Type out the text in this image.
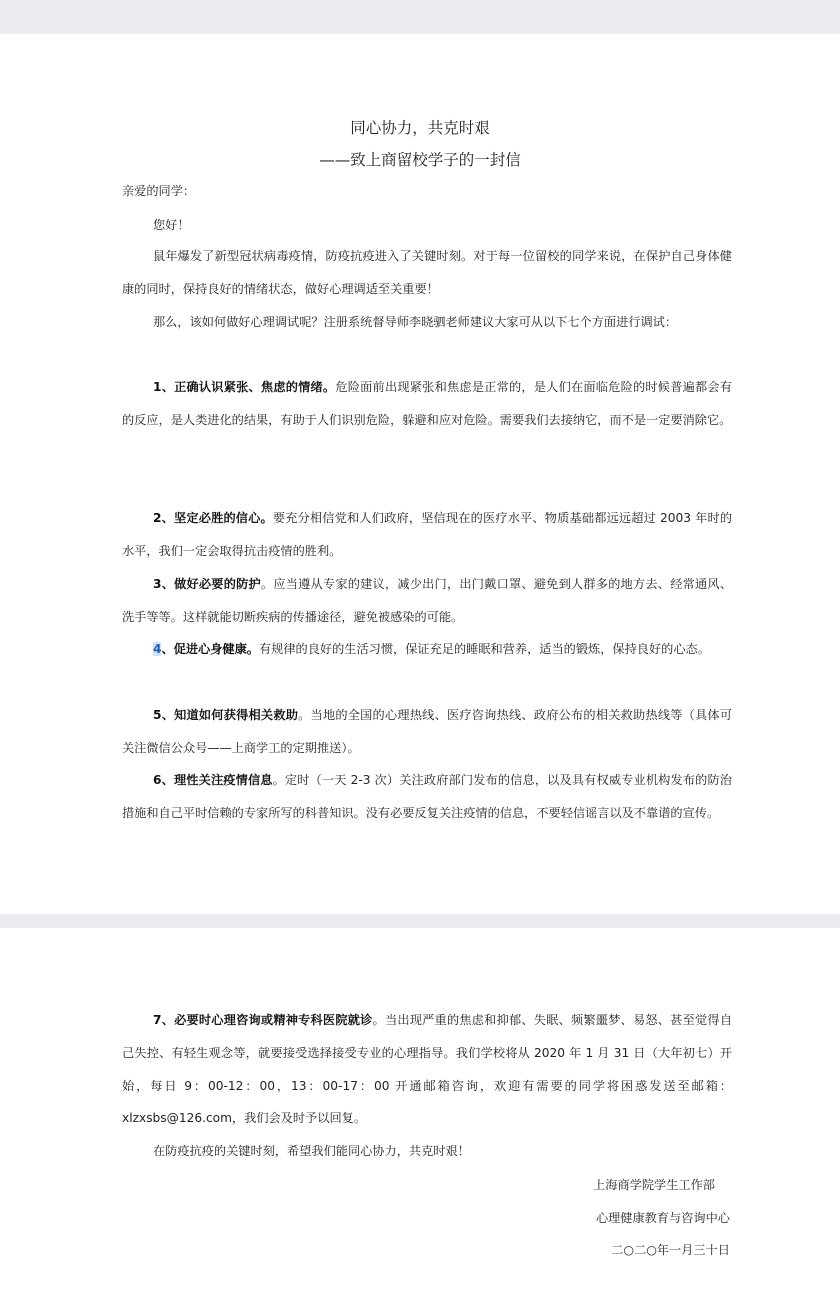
同心协力，共克时艰
——致上商留校学子的一封信
亲爱的同学：
您好！
鼠年爆发了新型冠状病毒疫情，防疫抗疫进入了关键时刻。对于每一位留校的同学来说，在保护自己身体健康的同时，保持良好的情绪状态，做好心理调适至关重要！
那么，该如何做好心理调试呢？注册系统督导师李晓驷老师建议大家可从以下七个方面进行调试：
1、正确认识紧张、焦虑的情绪。危险面前出现紧张和焦虑是正常的，是人们在面临危险的时候普遍都会有的反应，是人类进化的结果，有助于人们识别危险，躲避和应对危险。需要我们去接纳它，而不是一定要消除它。
2、坚定必胜的信心。要充分相信党和人们政府，坚信现在的医疗水平、物质基础都远远超过 2003 年时的水平，我们一定会取得抗击疫情的胜利。
3、做好必要的防护。应当遵从专家的建议，减少出门，出门戴口罩、避免到人群多的地方去、经常通风、洗手等等。这样就能切断疾病的传播途径，避免被感染的可能。
4、促进心身健康。有规律的良好的生活习惯，保证充足的睡眠和营养，适当的锻炼，保持良好的心态。
5、知道如何获得相关救助。当地的全国的心理热线、医疗咨询热线、政府公布的相关救助热线等（具体可关注微信公众号——上商学工的定期推送）。
6、理性关注疫情信息。定时（一天 2-3 次）关注政府部门发布的信息，以及具有权威专业机构发布的防治措施和自己平时信赖的专家所写的科普知识。没有必要反复关注疫情的信息，不要轻信谣言以及不靠谱的宣传。
7、必要时心理咨询或精神专科医院就诊。当出现严重的焦虑和抑郁、失眠、频繁噩梦、易怒、甚至觉得自己失控、有轻生观念等，就要接受选择接受专业的心理指导。我们学校将从 2020 年 1 月 31 日（大年初七）开始，每日 9：00-12：00，13：00-17：00 开通邮箱咨询，欢迎有需要的同学将困惑发送至邮箱：xlzxsbs@126.com，我们会及时予以回复。
在防疫抗疫的关键时刻，希望我们能同心协力，共克时艰！
上海商学院学生工作部
心理健康教育与咨询中心
二○二○年一月三十日
